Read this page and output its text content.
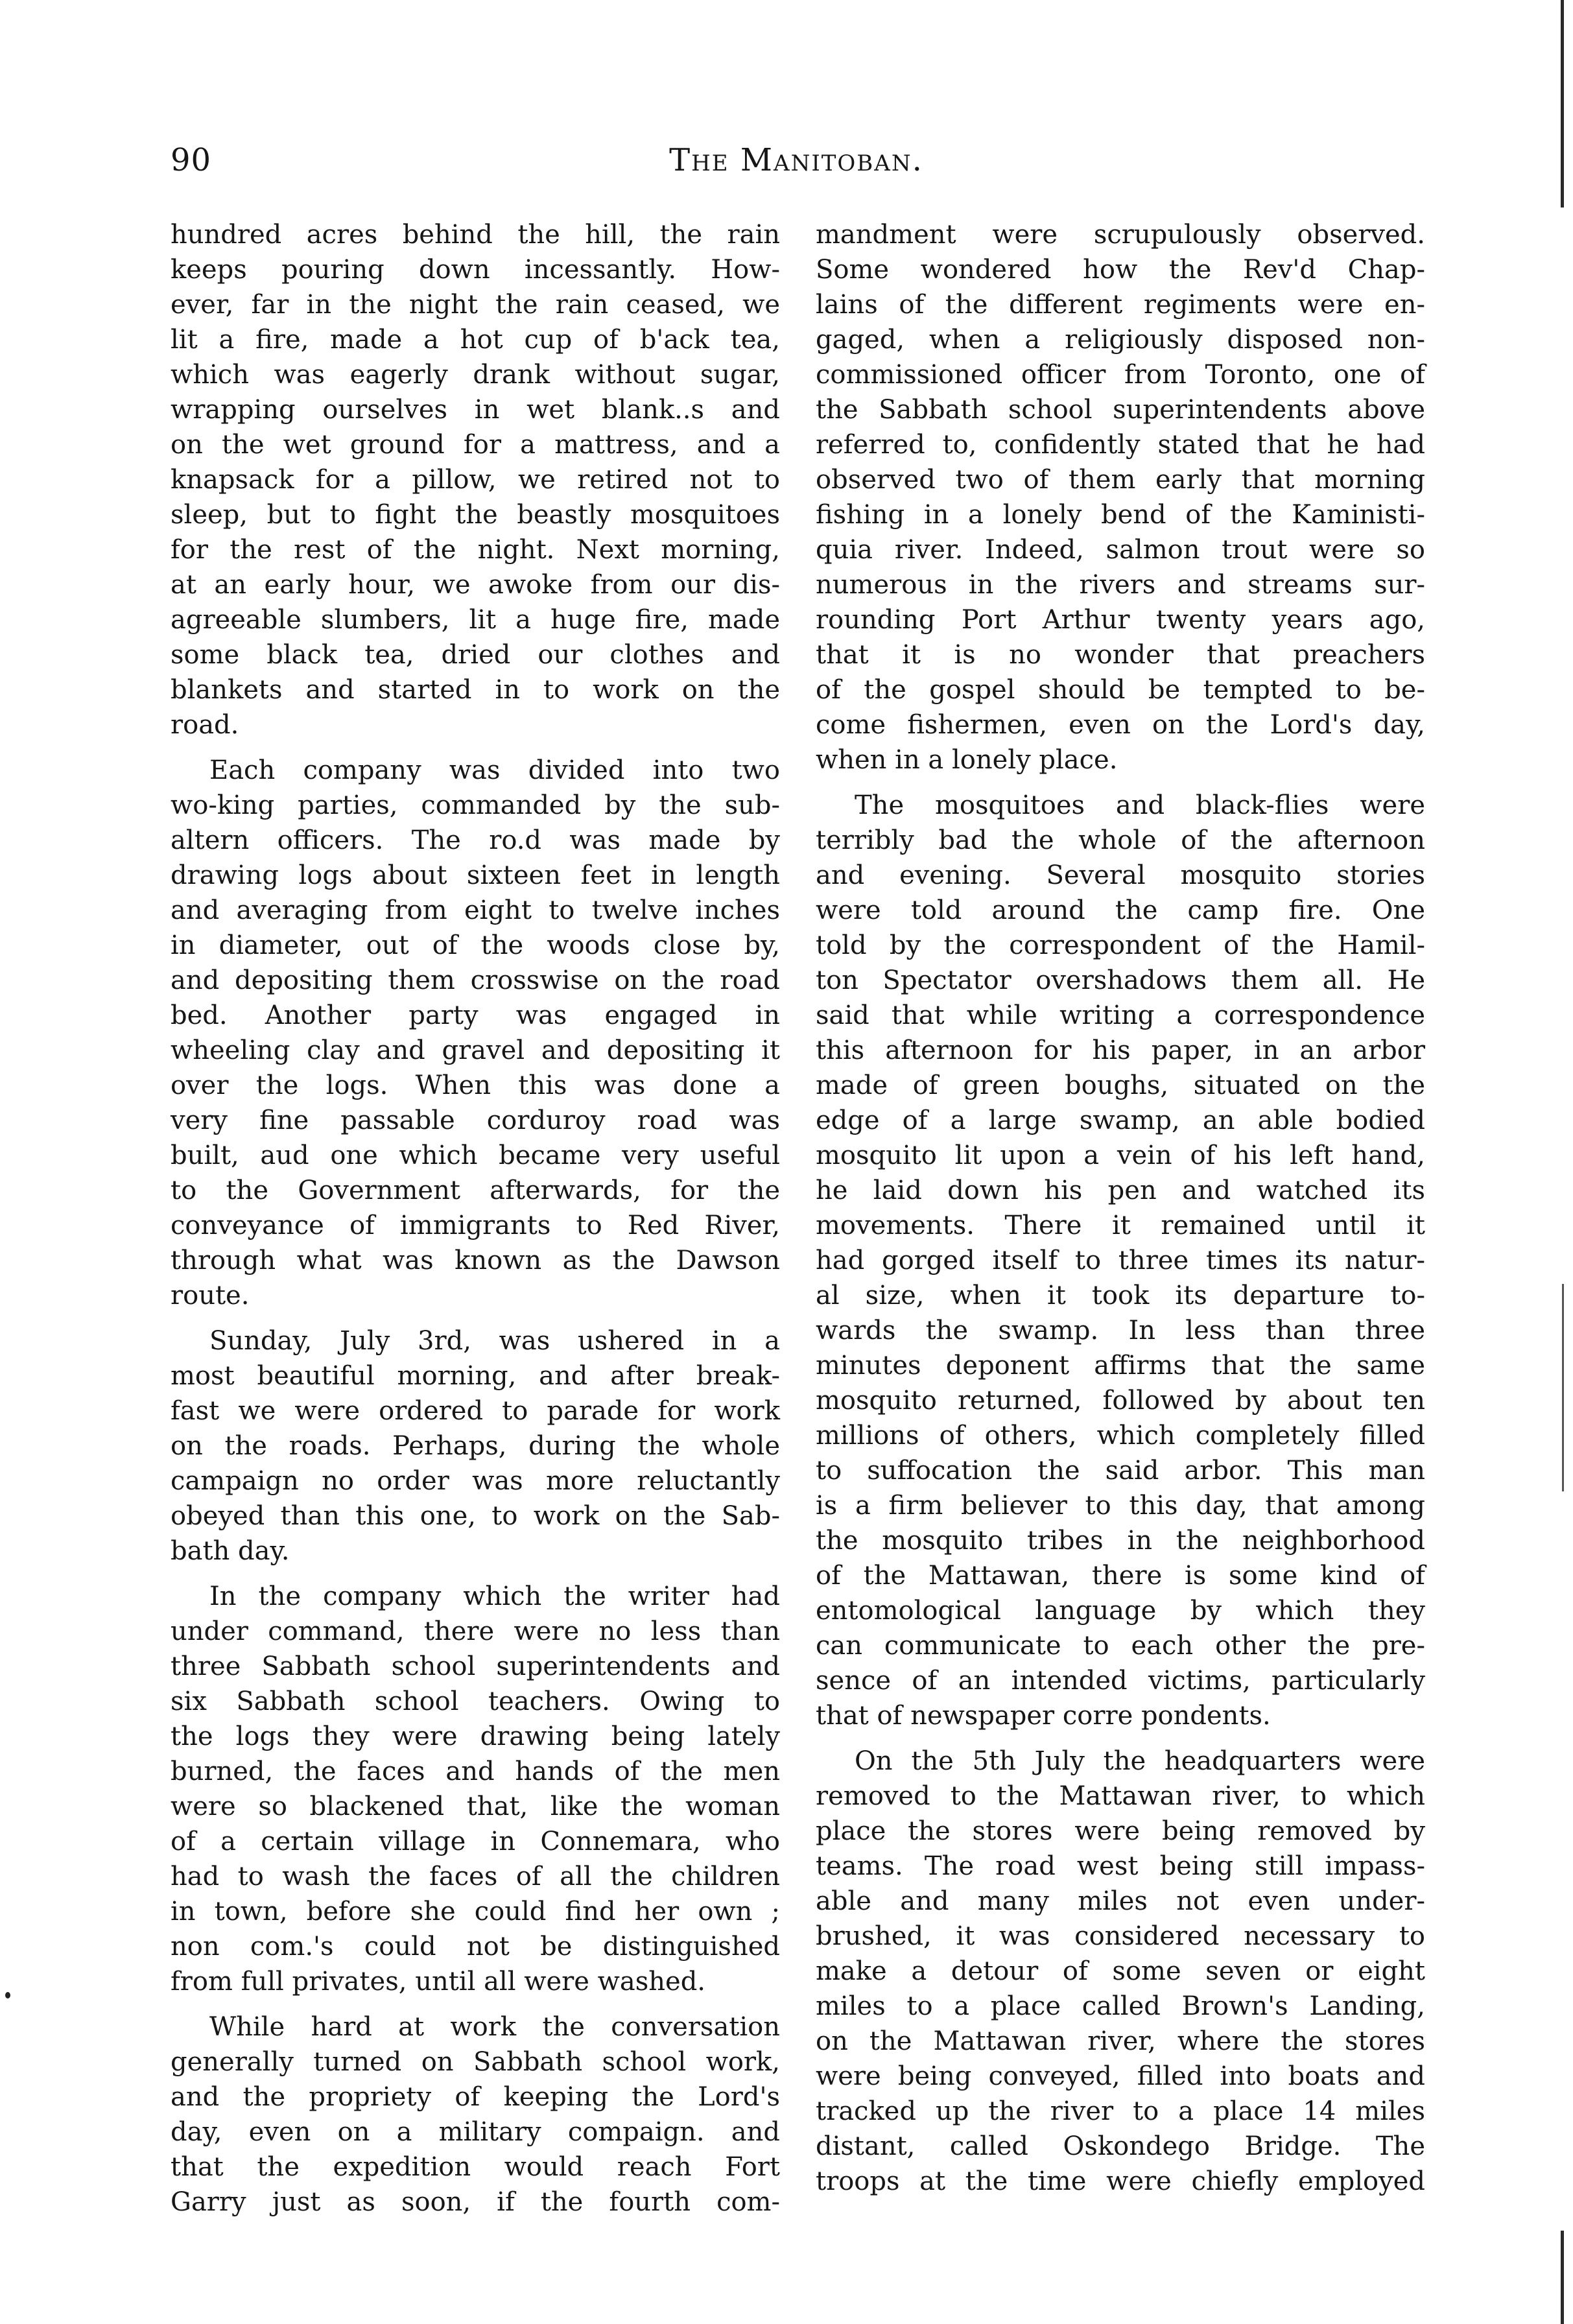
90	The Manitoban.
hundred acres behind the hill, the rain
keeps pouring down incessantly. How-
ever, far in the night the rain ceased, we
lit a fire, made a hot cup of b'ack tea,
which was eagerly drank without sugar,
wrapping ourselves in wet blank..s and
on the wet ground for a mattress, and a
knapsack for a pillow, we retired not to
sleep, but to fight the beastly mosquitoes
for the rest of the night. Next morning,
at an early hour, we awoke from our dis-
agreeable slumbers, lit a huge fire, made
some black tea, dried our clothes and
blankets and started in to work on the
road.
Each company was divided into two
wo-king parties, commanded by the sub-
altern officers. The ro.d was made by
drawing logs about sixteen feet in length
and averaging from eight to twelve inches
in diameter, out of the woods close by,
and depositing them crosswise on the road
bed. Another party was engaged in
wheeling clay and gravel and depositing it
over the logs. When this was done a
very fine passable corduroy road was
built, aud one which became very useful
to the Government afterwards, for the
conveyance of immigrants to Red River,
through what was known as the Dawson
route.
Sunday, July 3rd, was ushered in a
most beautiful morning, and after break-
fast we were ordered to parade for work
on the roads. Perhaps, during the whole
campaign no order was more reluctantly
obeyed than this one, to work on the Sab-
bath day.
In the company which the writer had
under command, there were no less than
three Sabbath school superintendents and
six Sabbath school teachers. Owing to
the logs they were drawing being lately
burned, the faces and hands of the men
were so blackened that, like the woman
of a certain village in Connemara, who
had to wash the faces of all the children
in town, before she could find her own ;
non com.'s could not be distinguished
from full privates, until all were washed.
While hard at work the conversation
generally turned on Sabbath school work,
and the propriety of keeping the Lord's
day, even on a military compaign. and
that the expedition would reach Fort
Garry just as soon, if the fourth com-
mandment were scrupulously observed.
Some wondered how the Rev'd Chap-
lains of the different regiments were en-
gaged, when a religiously disposed non-
commissioned officer from Toronto, one of
the Sabbath school superintendents above
referred to, confidently stated that he had
observed two of them early that morning
fishing in a lonely bend of the Kaministi-
quia river. Indeed, salmon trout were so
numerous in the rivers and streams sur-
rounding Port Arthur twenty years ago,
that it is no wonder that preachers
of the gospel should be tempted to be-
come fishermen, even on the Lord's day,
when in a lonely place.
The mosquitoes and black-flies were
terribly bad the whole of the afternoon
and evening. Several mosquito stories
were told around the camp fire. One
told by the correspondent of the Hamil-
ton Spectator overshadows them all. He
said that while writing a correspondence
this afternoon for his paper, in an arbor
made of green boughs, situated on the
edge of a large swamp, an able bodied
mosquito lit upon a vein of his left hand,
he laid down his pen and watched its
movements. There it remained until it
had gorged itself to three times its natur-
al size, when it took its departure to-
wards the swamp. In less than three
minutes deponent affirms that the same
mosquito returned, followed by about ten
millions of others, which completely filled
to suffocation the said arbor. This man
is a firm believer to this day, that among
the mosquito tribes in the neighborhood
of the Mattawan, there is some kind of
entomological language by which they
can communicate to each other the pre-
sence of an intended victims, particularly
that of newspaper corre pondents.
On the 5th July the headquarters were
removed to the Mattawan river, to which
place the stores were being removed by
teams. The road west being still impass-
able and many miles not even under-
brushed, it was considered necessary to
make a detour of some seven or eight
miles to a place called Brown's Landing,
on the Mattawan river, where the stores
were being conveyed, filled into boats and
tracked up the river to a place 14 miles
distant, called Oskondego Bridge. The
troops at the time were chiefly employed
